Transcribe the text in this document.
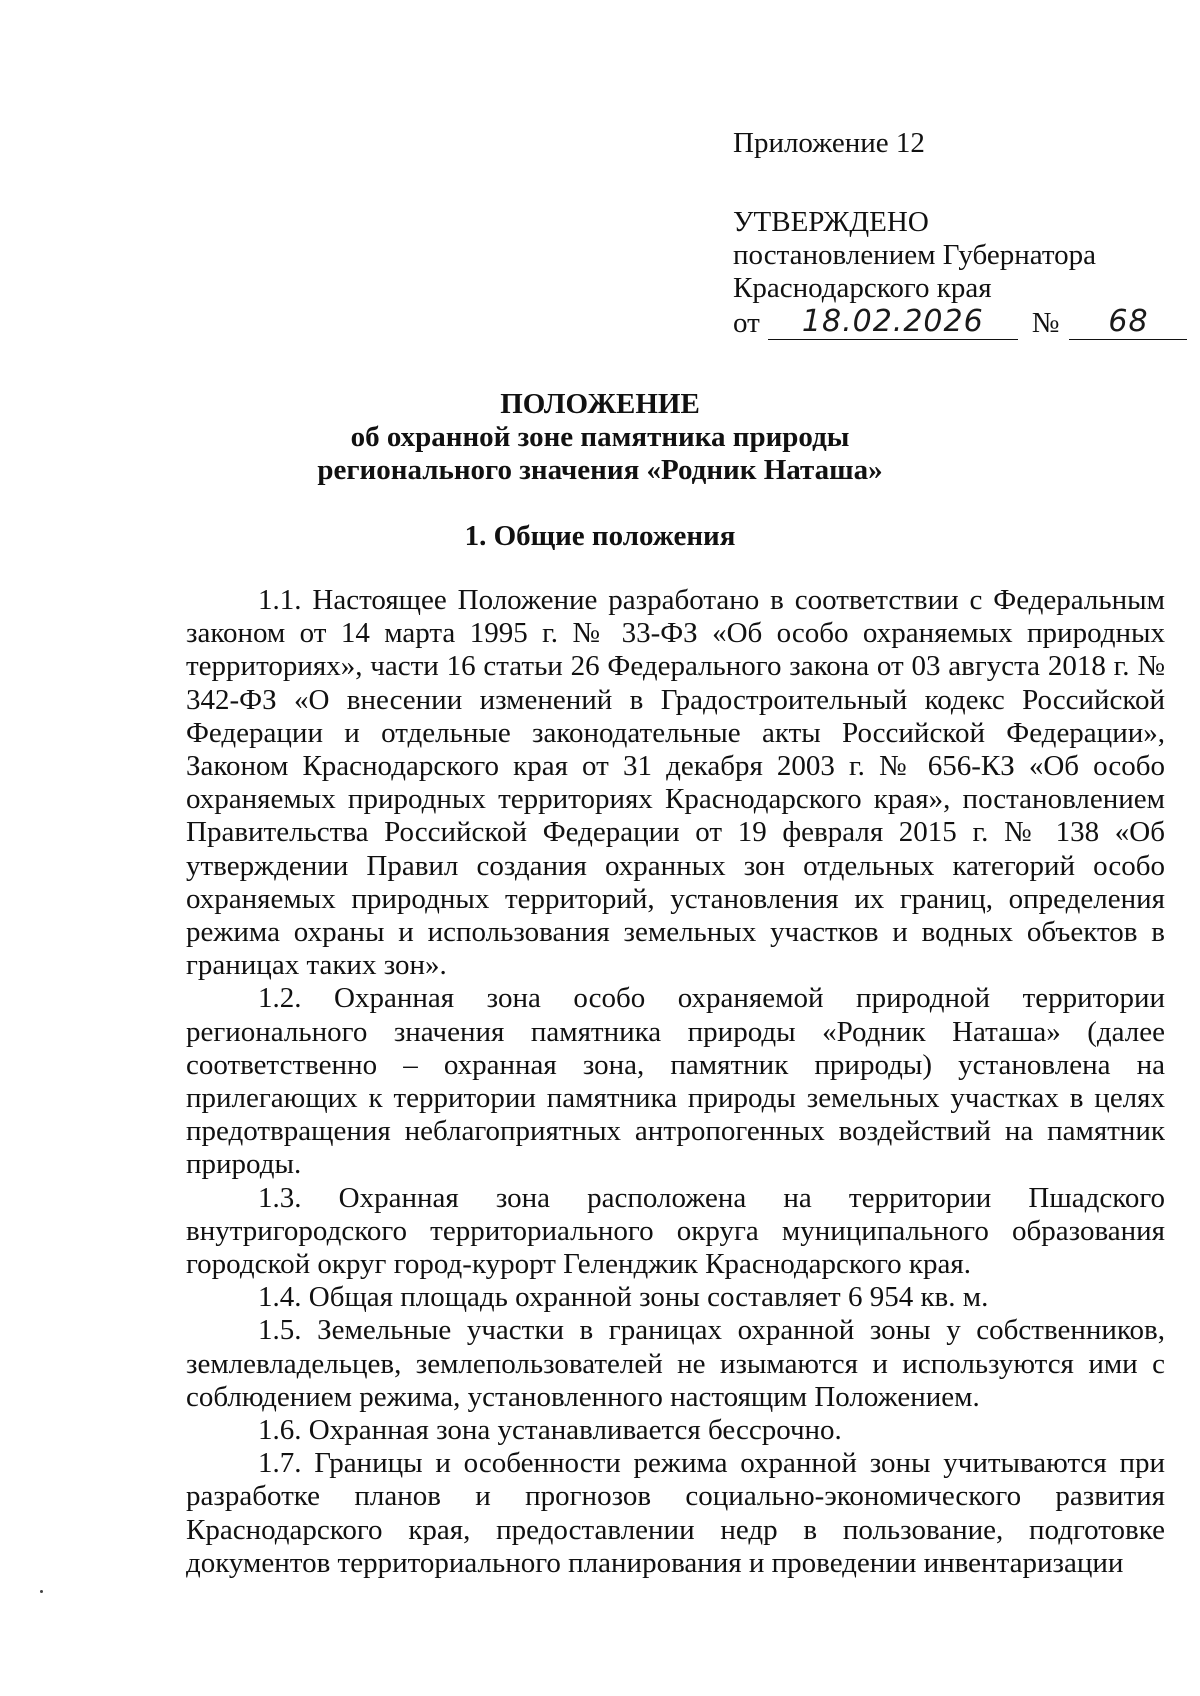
Приложение 12
УТВЕРЖДЕНО
постановлением Губернатора
Краснодарского края
от	18.02.2026	№	68
ПОЛОЖЕНИЕ
об охранной зоне памятника природы
регионального значения «Родник Наташа»
1. Общие положения

1.1. Настоящее Положение разработано в соответствии с Федеральным законом от 14 марта 1995 г. № 33-ФЗ «Об особо охраняемых природных территориях», части 16 статьи 26 Федерального закона от 03 августа 2018 г. № 342-ФЗ «О внесении изменений в Градостроительный кодекс Российской Федерации и отдельные законодательные акты Российской Федерации», Законом Краснодарского края от 31 декабря 2003 г. № 656-КЗ «Об особо охраняемых природных территориях Краснодарского края», постановлением Правительства Российской Федерации от 19 февраля 2015 г. № 138 «Об утверждении Правил создания охранных зон отдельных категорий особо охраняемых природных территорий, установления их границ, определения режима охраны и использования земельных участков и водных объектов в границах таких зон».

1.2. Охранная зона особо охраняемой природной территории регионального значения памятника природы «Родник Наташа» (далее соответственно – охранная зона, памятник природы) установлена на прилегающих к территории памятника природы земельных участках в целях предотвращения неблагоприятных антропогенных воздействий на памятник природы.

1.3. Охранная зона расположена на территории Пшадского внутригородского территориального округа муниципального образования городской округ город-курорт Геленджик Краснодарского края.

1.4. Общая площадь охранной зоны составляет 6 954 кв. м.

1.5. Земельные участки в границах охранной зоны у собственников, землевладельцев, землепользователей не изымаются и используются ими с соблюдением режима, установленного настоящим Положением.

1.6. Охранная зона устанавливается бессрочно.

1.7. Границы и особенности режима охранной зоны учитываются при разработке планов и прогнозов социально-экономического развития Краснодарского края, предоставлении недр в пользование, подготовке документов территориального планирования и проведении инвентаризации
